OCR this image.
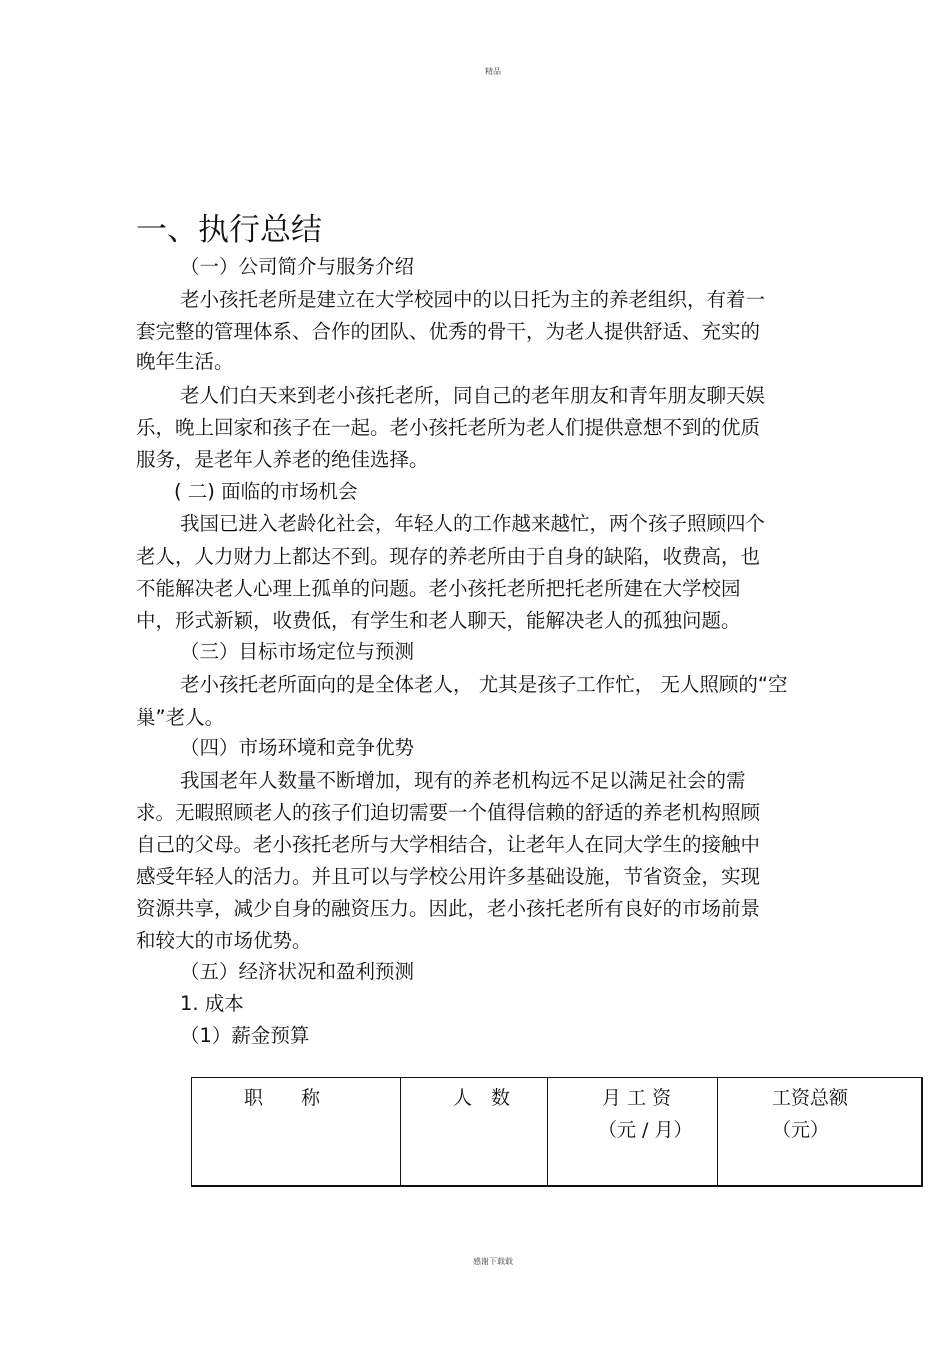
精品
一、执行总结
（一）公司简介与服务介绍
老小孩托老所是建立在大学校园中的以日托为主的养老组织，有着一
套完整的管理体系、合作的团队、优秀的骨干，为老人提供舒适、充实的
晚年生活。
老人们白天来到老小孩托老所，同自己的老年朋友和青年朋友聊天娱
乐，晚上回家和孩子在一起。老小孩托老所为老人们提供意想不到的优质
服务，是老年人养老的绝佳选择。
( 二) 面临的市场机会
我国已进入老龄化社会，年轻人的工作越来越忙，两个孩子照顾四个
老人，人力财力上都达不到。现存的养老所由于自身的缺陷，收费高，也
不能解决老人心理上孤单的问题。老小孩托老所把托老所建在大学校园
中，形式新颖，收费低，有学生和老人聊天，能解决老人的孤独问题。
（三）目标市场定位与预测
老小孩托老所面向的是全体老人， 尤其是孩子工作忙， 无人照顾的“空
巢”老人。
（四）市场环境和竞争优势
我国老年人数量不断增加，现有的养老机构远不足以满足社会的需
求。无暇照顾老人的孩子们迫切需要一个值得信赖的舒适的养老机构照顾
自己的父母。老小孩托老所与大学相结合，让老年人在同大学生的接触中
感受年轻人的活力。并且可以与学校公用许多基础设施，节省资金，实现
资源共享，减少自身的融资压力。因此，老小孩托老所有良好的市场前景
和较大的市场优势。
（五）经济状况和盈利预测
1. 成本
（1）薪金预算
职　　称	人　数	月 工 资
（元 / 月）
工资总额
（元）
感谢下载载
